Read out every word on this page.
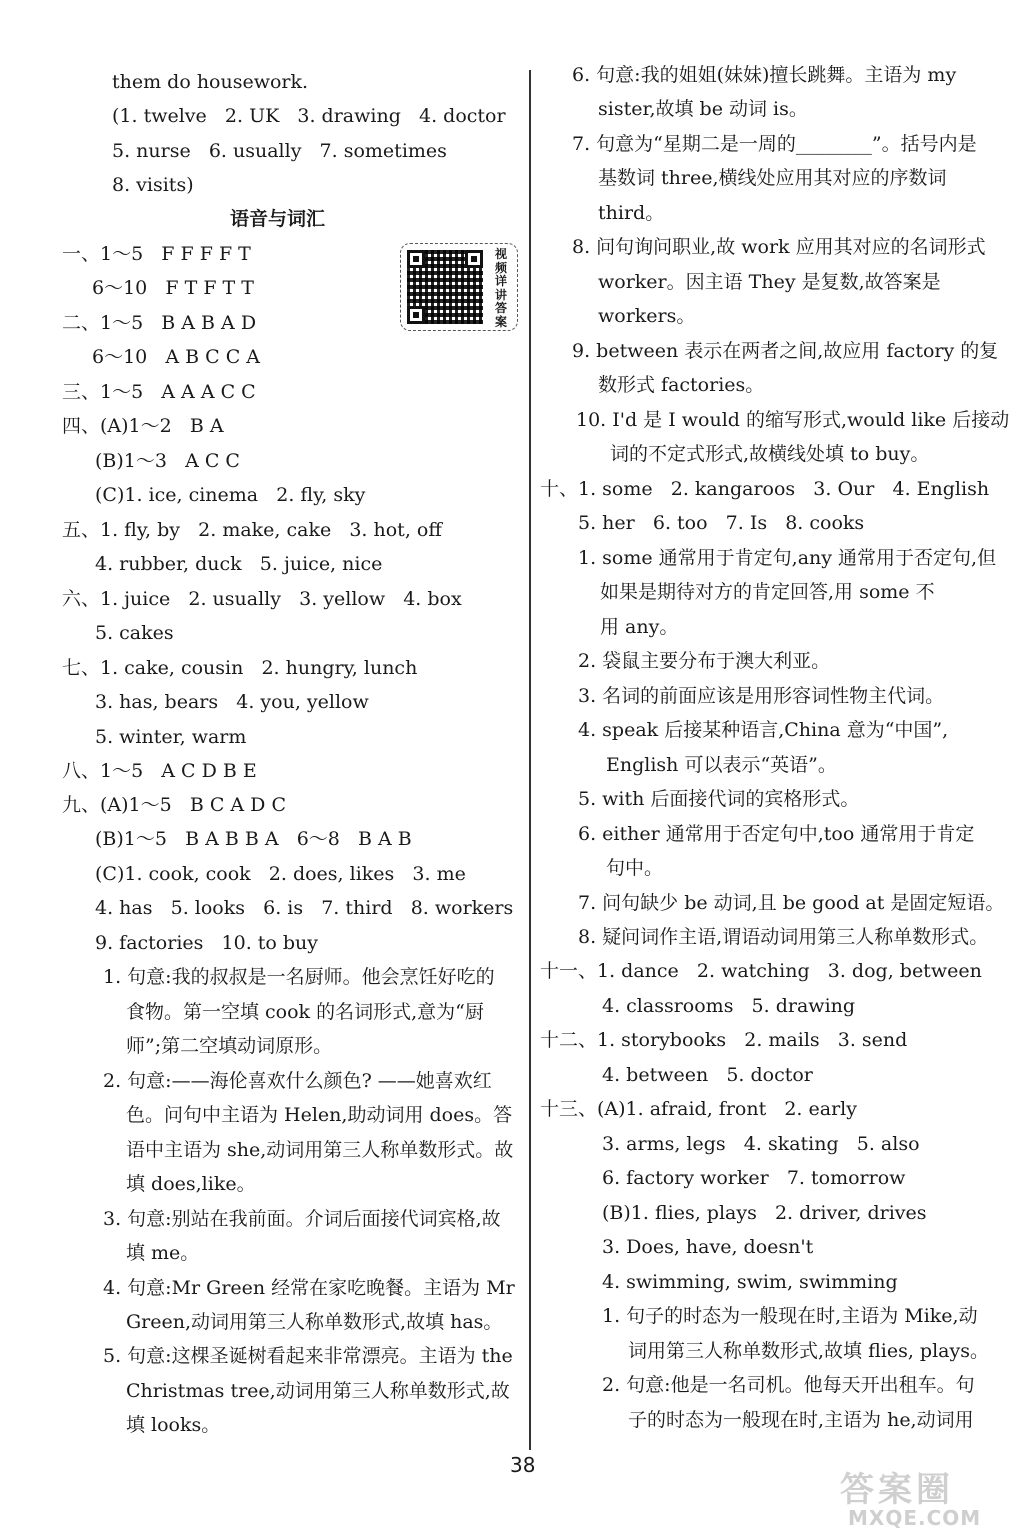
them do housework.
(1. twelve   2. UK   3. drawing   4. doctor
5. nurse   6. usually   7. sometimes
8. visits)
语音与词汇
一、1～5   F F F F T
6～10   F T F T T
二、1～5   B A B A D
6～10   A B C C A
三、1～5   A A A C C
四、(A)1～2   B A
(B)1～3   A C C
(C)1. ice, cinema   2. fly, sky
五、1. fly, by   2. make, cake   3. hot, off
4. rubber, duck   5. juice, nice
六、1. juice   2. usually   3. yellow   4. box
5. cakes
七、1. cake, cousin   2. hungry, lunch
3. has, bears   4. you, yellow
5. winter, warm
八、1～5   A C D B E
九、(A)1～5   B C A D C
(B)1～5   B A B B A   6～8   B A B
(C)1. cook, cook   2. does, likes   3. me
4. has   5. looks   6. is   7. third   8. workers
9. factories   10. to buy
1. 句意:我的叔叔是一名厨师。他会烹饪好吃的
食物。第一空填 cook 的名词形式,意为“厨
师”;第二空填动词原形。
2. 句意:——海伦喜欢什么颜色? ——她喜欢红
色。问句中主语为 Helen,助动词用 does。答
语中主语为 she,动词用第三人称单数形式。故
填 does,like。
3. 句意:别站在我前面。介词后面接代词宾格,故
填 me。
4. 句意:Mr Green 经常在家吃晚餐。主语为 Mr
Green,动词用第三人称单数形式,故填 has。
5. 句意:这棵圣诞树看起来非常漂亮。主语为 the
Christmas tree,动词用第三人称单数形式,故
填 looks。
视频详讲答案
6. 句意:我的姐姐(妹妹)擅长跳舞。主语为 my
sister,故填 be 动词 is。
7. 句意为“星期二是一周的________”。括号内是
基数词 three,横线处应用其对应的序数词
third。
8. 问句询问职业,故 work 应用其对应的名词形式
worker。因主语 They 是复数,故答案是
workers。
9. between 表示在两者之间,故应用 factory 的复
数形式 factories。
10. I'd 是 I would 的缩写形式,would like 后接动
词的不定式形式,故横线处填 to buy。
十、1. some   2. kangaroos   3. Our   4. English
5. her   6. too   7. Is   8. cooks
1. some 通常用于肯定句,any 通常用于否定句,但
如果是期待对方的肯定回答,用 some 不
用 any。
2. 袋鼠主要分布于澳大利亚。
3. 名词的前面应该是用形容词性物主代词。
4. speak 后接某种语言,China 意为“中国”,
English 可以表示“英语”。
5. with 后面接代词的宾格形式。
6. either 通常用于否定句中,too 通常用于肯定
句中。
7. 问句缺少 be 动词,且 be good at 是固定短语。
8. 疑问词作主语,谓语动词用第三人称单数形式。
十一、1. dance   2. watching   3. dog, between
4. classrooms   5. drawing
十二、1. storybooks   2. mails   3. send
4. between   5. doctor
十三、(A)1. afraid, front   2. early
3. arms, legs   4. skating   5. also
6. factory worker   7. tomorrow
(B)1. flies, plays   2. driver, drives
3. Does, have, doesn't
4. swimming, swim, swimming
1. 句子的时态为一般现在时,主语为 Mike,动
词用第三人称单数形式,故填 flies, plays。
2. 句意:他是一名司机。他每天开出租车。句
子的时态为一般现在时,主语为 he,动词用
38
答案圈
MXQE.COM
